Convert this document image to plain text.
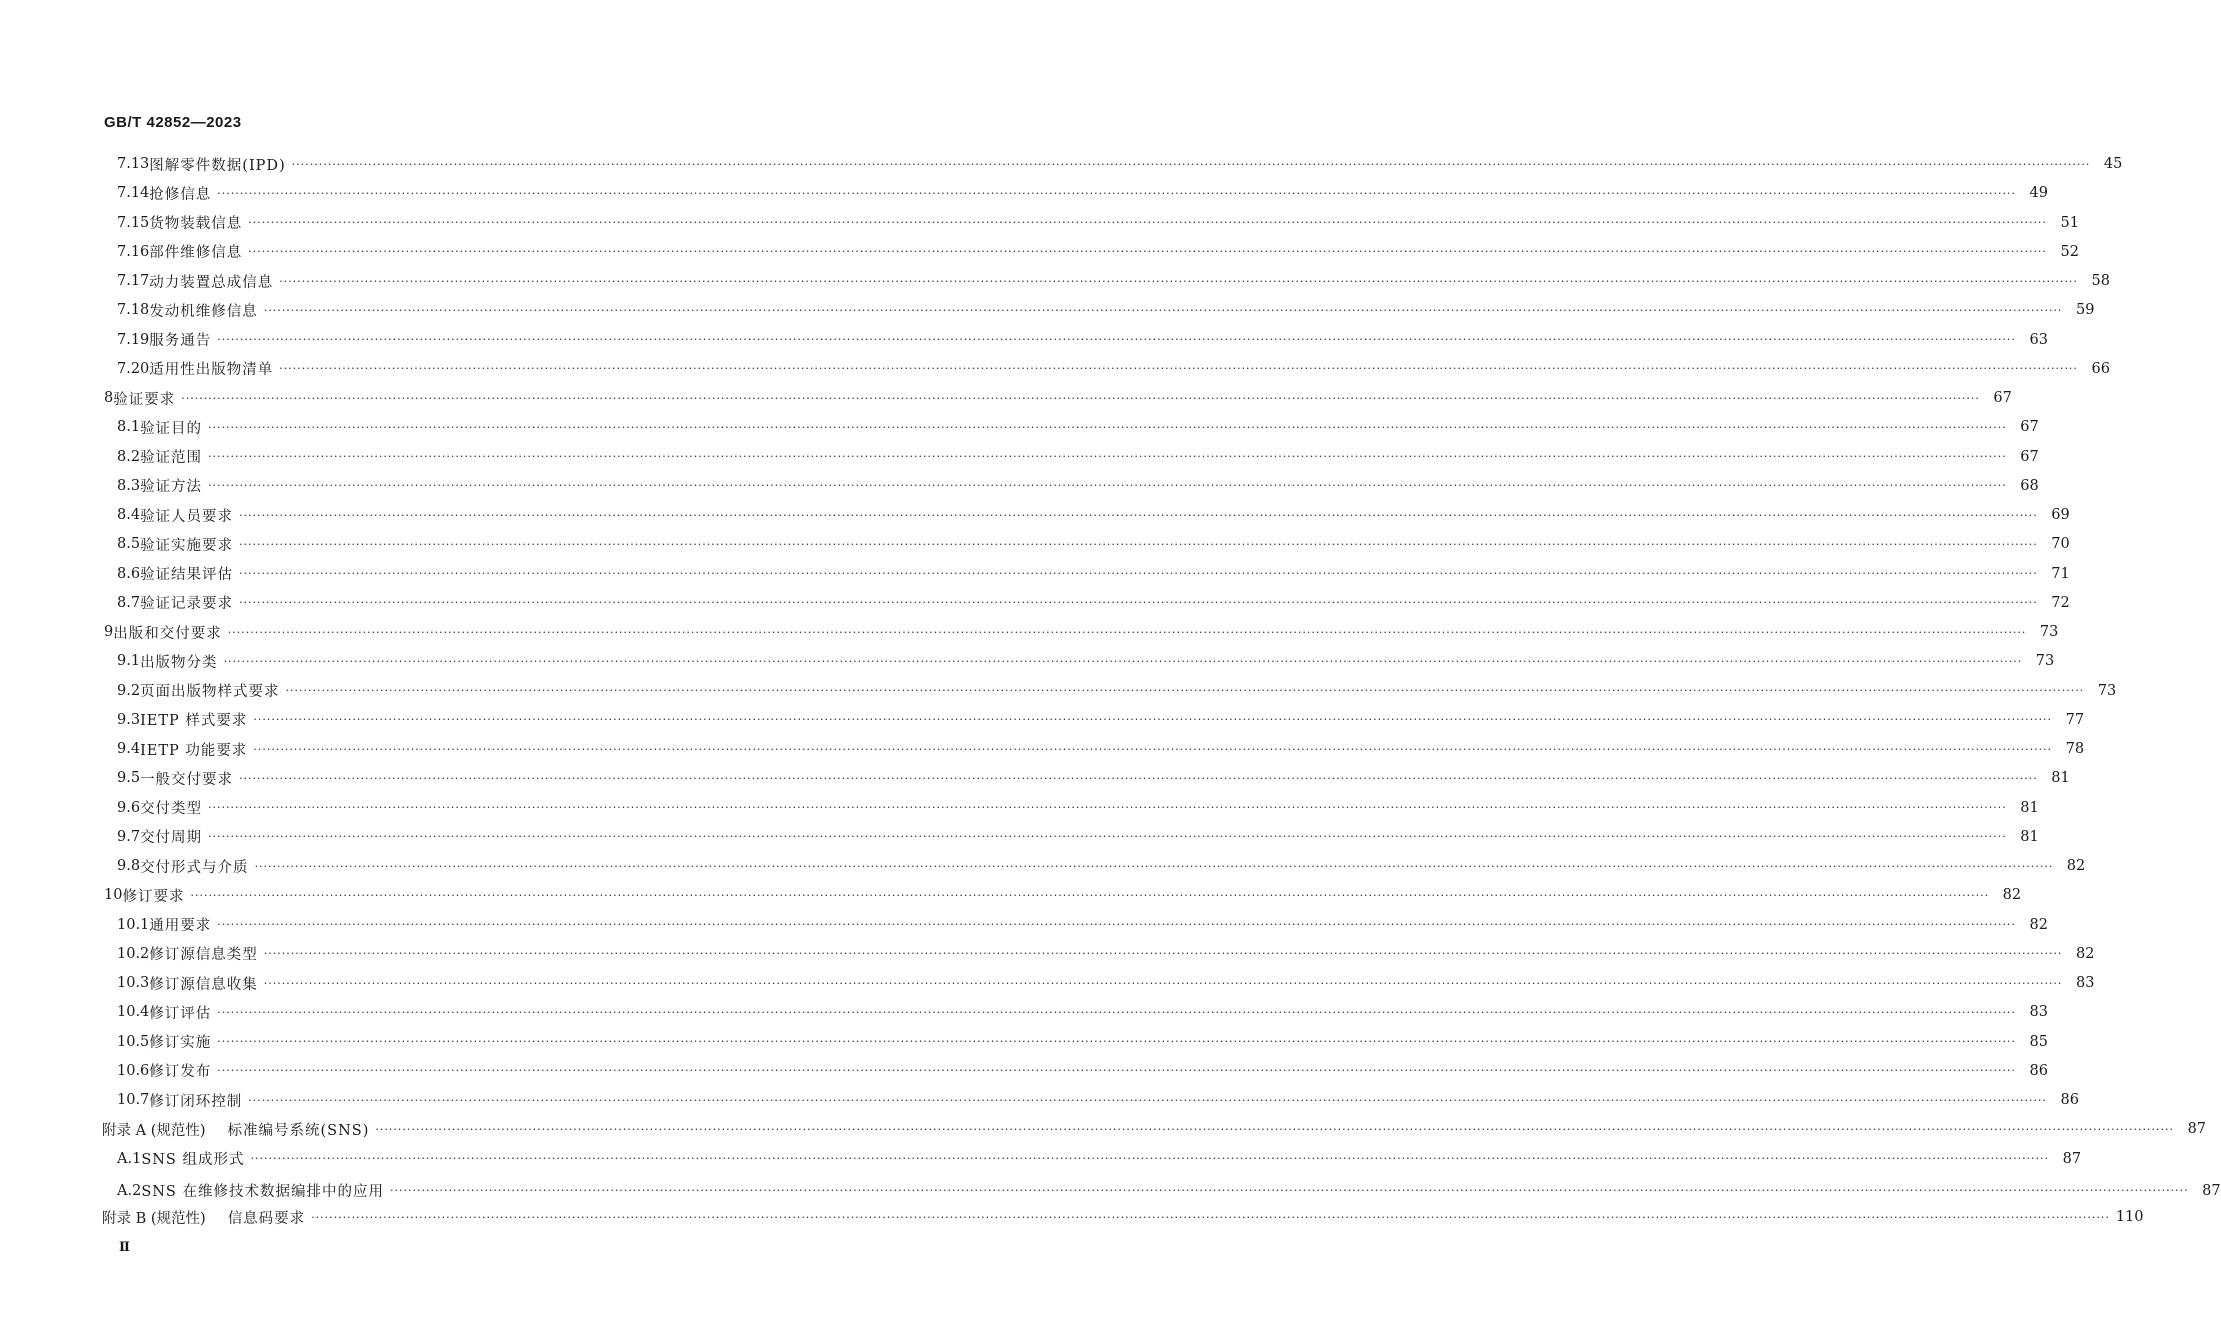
GB/T 42852—2023
7.13 图解零件数据(IPD) ················································································································································································································································································································································································································ 45
7.14 抢修信息 ················································································································································································································································································································································································································ 49
7.15 货物装载信息 ················································································································································································································································································································································································································ 51
7.16 部件维修信息 ················································································································································································································································································································································································································ 52
7.17 动力装置总成信息 ················································································································································································································································································································································································································ 58
7.18 发动机维修信息 ················································································································································································································································································································································································································ 59
7.19 服务通告 ················································································································································································································································································································································································································ 63
7.20 适用性出版物清单 ················································································································································································································································································································································································································ 66
8 验证要求 ················································································································································································································································································································································································································ 67
8.1 验证目的 ················································································································································································································································································································································································································ 67
8.2 验证范围 ················································································································································································································································································································································································································ 67
8.3 验证方法 ················································································································································································································································································································································································································ 68
8.4 验证人员要求 ················································································································································································································································································································································································································ 69
8.5 验证实施要求 ················································································································································································································································································································································································································ 70
8.6 验证结果评估 ················································································································································································································································································································································································································ 71
8.7 验证记录要求 ················································································································································································································································································································································································································ 72
9 出版和交付要求 ················································································································································································································································································································································································································ 73
9.1 出版物分类 ················································································································································································································································································································································································································ 73
9.2 页面出版物样式要求 ················································································································································································································································································································································································································ 73
9.3 IETP 样式要求 ················································································································································································································································································································································································································ 77
9.4 IETP 功能要求 ················································································································································································································································································································································································································ 78
9.5 一般交付要求 ················································································································································································································································································································································································································ 81
9.6 交付类型 ················································································································································································································································································································································································································ 81
9.7 交付周期 ················································································································································································································································································································································································································ 81
9.8 交付形式与介质 ················································································································································································································································································································································································································ 82
10 修订要求 ················································································································································································································································································································································································································ 82
10.1 通用要求 ················································································································································································································································································································································································································ 82
10.2 修订源信息类型 ················································································································································································································································································································································································································ 82
10.3 修订源信息收集 ················································································································································································································································································································································································································ 83
10.4 修订评估 ················································································································································································································································································································································································································ 83
10.5 修订实施 ················································································································································································································································································································································································································ 85
10.6 修订发布 ················································································································································································································································································································································································································ 86
10.7 修订闭环控制 ················································································································································································································································································································································································································ 86
附录 A (规范性) 标准编号系统(SNS) ················································································································································································································································································································································································································ 87
A.1 SNS 组成形式 ················································································································································································································································································································································································································ 87
A.2 SNS 在维修技术数据编排中的应用 ················································································································································································································································································································································································································ 87
附录 B (规范性) 信息码要求 ················································································································································································································································································································································································································ 110
Ⅱ
